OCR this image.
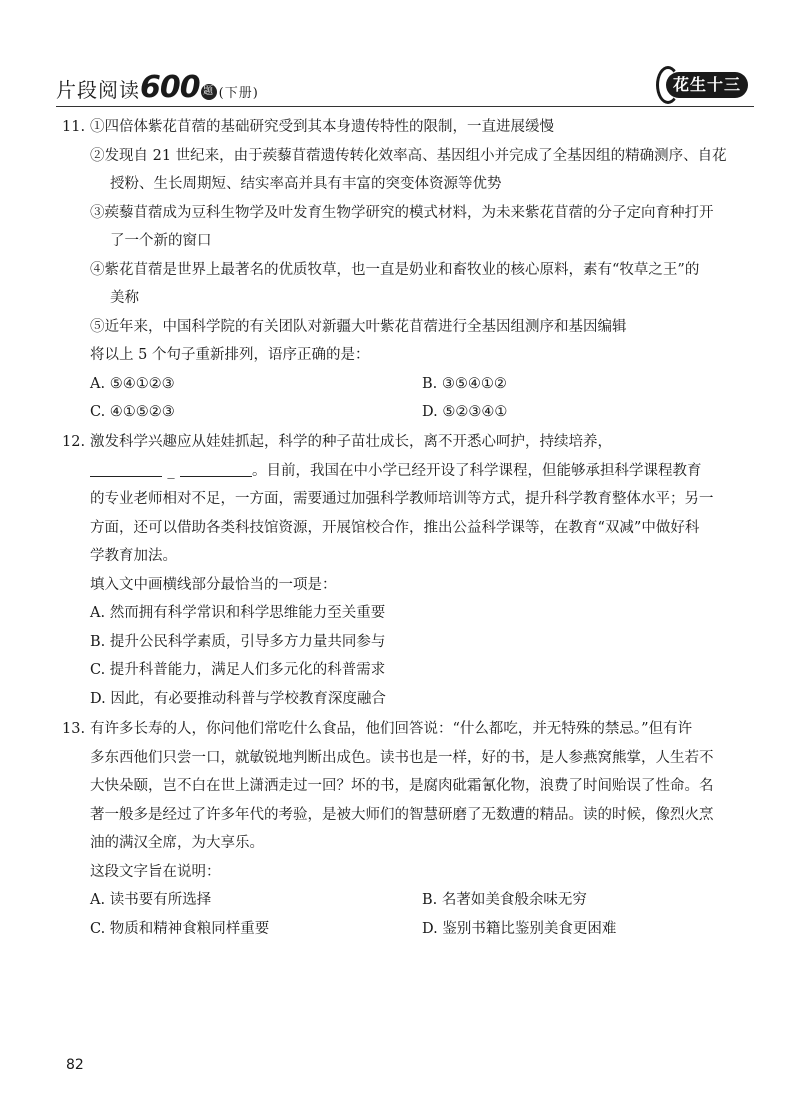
片段阅读600 题 (下册)	花生十三
11. ①四倍体紫花苜蓿的基础研究受到其本身遗传特性的限制，一直进展缓慢
②发现自 21 世纪来，由于蒺藜苜蓿遗传转化效率高、基因组小并完成了全基因组的精确测序、自花
授粉、生长周期短、结实率高并具有丰富的突变体资源等优势
③蒺藜苜蓿成为豆科生物学及叶发育生物学研究的模式材料，为未来紫花苜蓿的分子定向育种打开
了一个新的窗口
④紫花苜蓿是世界上最著名的优质牧草，也一直是奶业和畜牧业的核心原料，素有“牧草之王”的
美称
⑤近年来，中国科学院的有关团队对新疆大叶紫花苜蓿进行全基因组测序和基因编辑
将以上 5 个句子重新排列，语序正确的是：
A. ⑤④①②③	B. ③⑤④①②
C. ④①⑤②③	D. ⑤②③④①
12. 激发科学兴趣应从娃娃抓起，科学的种子苗壮成长，离不开悉心呵护，持续培养，
_	。目前，我国在中小学已经开设了科学课程，但能够承担科学课程教育
的专业老师相对不足，一方面，需要通过加强科学教师培训等方式，提升科学教育整体水平；另一
方面，还可以借助各类科技馆资源，开展馆校合作，推出公益科学课等，在教育“双减”中做好科
学教育加法。
填入文中画横线部分最恰当的一项是：
A. 然而拥有科学常识和科学思维能力至关重要
B. 提升公民科学素质，引导多方力量共同参与
C. 提升科普能力，满足人们多元化的科普需求
D. 因此，有必要推动科普与学校教育深度融合
13. 有许多长寿的人，你问他们常吃什么食品，他们回答说：“什么都吃，并无特殊的禁忌。”但有许
多东西他们只尝一口，就敏锐地判断出成色。读书也是一样，好的书，是人参燕窝熊掌，人生若不
大快朵颐，岂不白在世上潇洒走过一回？坏的书，是腐肉砒霜氰化物，浪费了时间贻误了性命。名
著一般多是经过了许多年代的考验，是被大师们的智慧研磨了无数遭的精品。读的时候，像烈火烹
油的满汉全席，为大享乐。
这段文字旨在说明：
A. 读书要有所选择	B. 名著如美食般余味无穷
C. 物质和精神食粮同样重要	D. 鉴别书籍比鉴别美食更困难
82
